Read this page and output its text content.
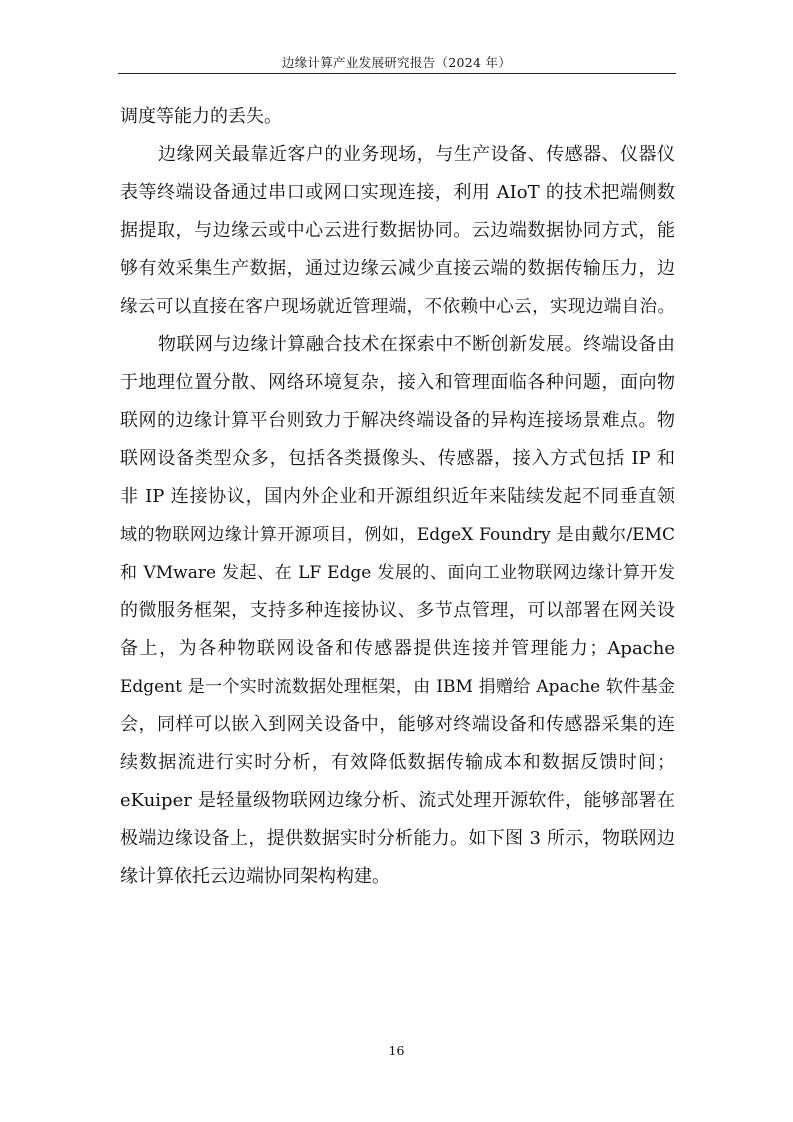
边缘计算产业发展研究报告（2024 年）
调度等能力的丢失。
边缘网关最靠近客户的业务现场，与生产设备、传感器、仪器仪
表等终端设备通过串口或网口实现连接，利用 AIoT 的技术把端侧数
据提取，与边缘云或中心云进行数据协同。云边端数据协同方式，能
够有效采集生产数据，通过边缘云减少直接云端的数据传输压力，边
缘云可以直接在客户现场就近管理端，不依赖中心云，实现边端自治。
物联网与边缘计算融合技术在探索中不断创新发展。终端设备由
于地理位置分散、网络环境复杂，接入和管理面临各种问题，面向物
联网的边缘计算平台则致力于解决终端设备的异构连接场景难点。物
联网设备类型众多，包括各类摄像头、传感器，接入方式包括 IP 和
非 IP 连接协议，国内外企业和开源组织近年来陆续发起不同垂直领
域的物联网边缘计算开源项目，例如，EdgeX Foundry 是由戴尔/EMC
和 VMware 发起、在 LF Edge 发展的、面向工业物联网边缘计算开发
的微服务框架，支持多种连接协议、多节点管理，可以部署在网关设
备上，为各种物联网设备和传感器提供连接并管理能力；Apache
Edgent 是一个实时流数据处理框架，由 IBM 捐赠给 Apache 软件基金
会，同样可以嵌入到网关设备中，能够对终端设备和传感器采集的连
续数据流进行实时分析，有效降低数据传输成本和数据反馈时间；
eKuiper 是轻量级物联网边缘分析、流式处理开源软件，能够部署在
极端边缘设备上，提供数据实时分析能力。如下图 3 所示，物联网边
缘计算依托云边端协同架构构建。
16
